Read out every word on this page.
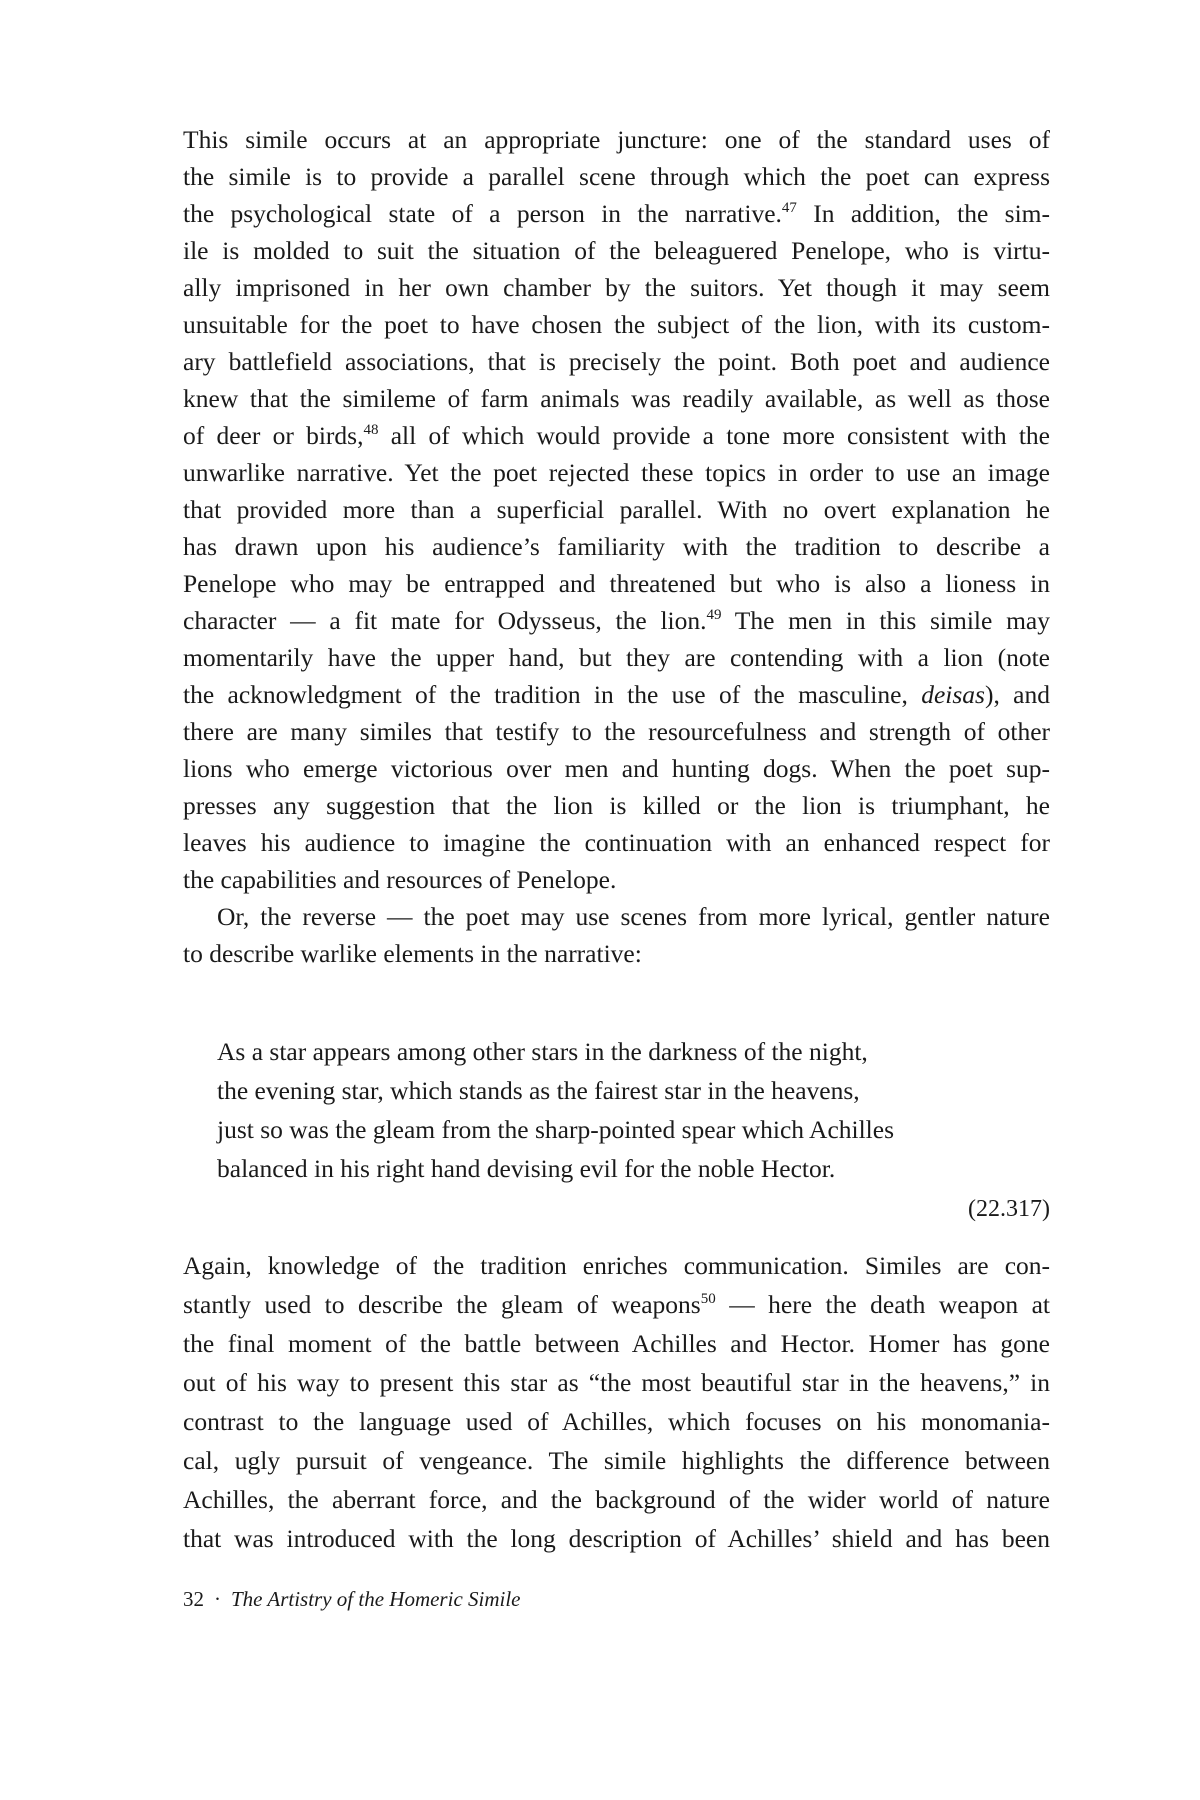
This simile occurs at an appropriate juncture: one of the standard uses of
the simile is to provide a parallel scene through which the poet can express
the psychological state of a person in the narrative.$^{47}$ In addition, the sim-
ile is molded to suit the situation of the beleaguered Penelope, who is virtu-
ally imprisoned in her own chamber by the suitors. Yet though it may seem
unsuitable for the poet to have chosen the subject of the lion, with its custom-
ary battlefield associations, that is precisely the point. Both poet and audience
knew that the simileme of farm animals was readily available, as well as those
of deer or birds,$^{48}$ all of which would provide a tone more consistent with the
unwarlike narrative. Yet the poet rejected these topics in order to use an image
that provided more than a superficial parallel. With no overt explanation he
has drawn upon his audience’s familiarity with the tradition to describe a
Penelope who may be entrapped and threatened but who is also a lioness in
character — a fit mate for Odysseus, the lion.$^{49}$ The men in this simile may
momentarily have the upper hand, but they are contending with a lion (note
the acknowledgment of the tradition in the use of the masculine, deisas), and
there are many similes that testify to the resourcefulness and strength of other
lions who emerge victorious over men and hunting dogs. When the poet sup-
presses any suggestion that the lion is killed or the lion is triumphant, he
leaves his audience to imagine the continuation with an enhanced respect for
the capabilities and resources of Penelope.
Or, the reverse — the poet may use scenes from more lyrical, gentler nature
to describe warlike elements in the narrative:
As a star appears among other stars in the darkness of the night,
the evening star, which stands as the fairest star in the heavens,
just so was the gleam from the sharp-pointed spear which Achilles
balanced in his right hand devising evil for the noble Hector.
(22.317)
Again, knowledge of the tradition enriches communication. Similes are con-
stantly used to describe the gleam of weapons$^{50}$ — here the death weapon at
the final moment of the battle between Achilles and Hector. Homer has gone
out of his way to present this star as “the most beautiful star in the heavens,” in
contrast to the language used of Achilles, which focuses on his monomania-
cal, ugly pursuit of vengeance. The simile highlights the difference between
Achilles, the aberrant force, and the background of the wider world of nature
that was introduced with the long description of Achilles’ shield and has been
32 · The Artistry of the Homeric Simile
